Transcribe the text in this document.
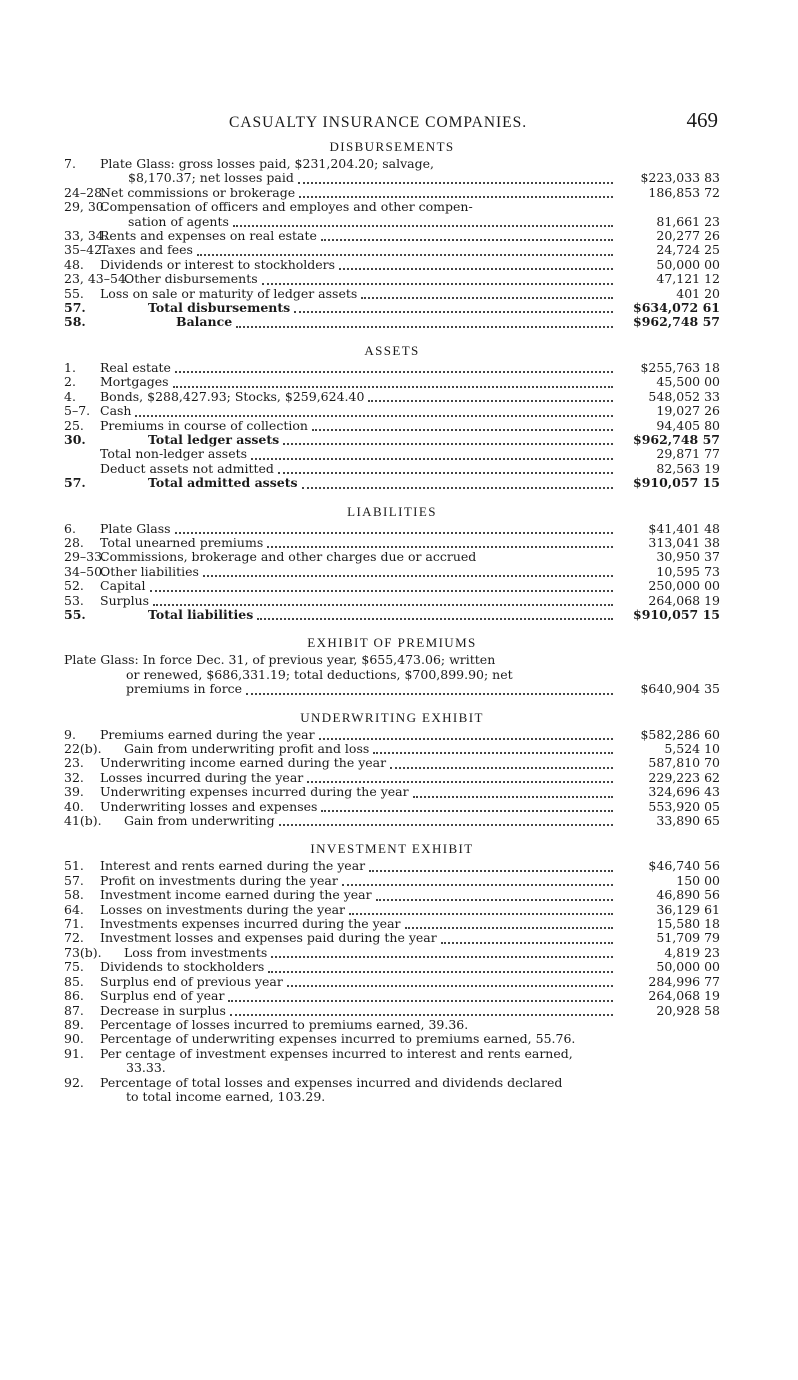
CASUALTY INSURANCE COMPANIES.	469
DISBURSEMENTS
7.	Plate Glass: gross losses paid, $231,204.20; salvage,
$8,170.37; net losses paid	$223,033 83
24–28.
Net commissions or brokerage	186,853 72
29, 30.
Compensation of officers and employes and other compen-
sation of agents	81,661 23
33, 34.
Rents and expenses on real estate	20,277 26
35–42.
Taxes and fees	24,724 25
48.	Dividends or interest to stockholders	50,000 00
23, 43–54.
Other disbursements	47,121 12
55.	Loss on sale or maturity of ledger assets	401 20
57.	Total disbursements	$634,072 61
58.	Balance	$962,748 57
ASSETS
1.	Real estate	$255,763 18
2.	Mortgages	45,500 00
4.	Bonds, $288,427.93; Stocks, $259,624.40	548,052 33
5–7. Cash	19,027 26
25.	Premiums in course of collection	94,405 80
30.	Total ledger assets	$962,748 57
Total non-ledger assets	29,871 77
Deduct assets not admitted	82,563 19
57.	Total admitted assets	$910,057 15
LIABILITIES
6.	Plate Glass	$41,401 48
28.	Total unearned premiums	313,041 38
29–33.
Commissions, brokerage and other charges due or accrued	30,950 37
34–50.
Other liabilities	10,595 73
52.	Capital	250,000 00
53.	Surplus	264,068 19
55.	Total liabilities	$910,057 15
EXHIBIT OF PREMIUMS
Plate Glass: In force Dec. 31, of previous year, $655,473.06; written
or renewed, $686,331.19; total deductions, $700,899.90; net
premiums in force	$640,904 35
UNDERWRITING EXHIBIT
9.	Premiums earned during the year	$582,286 60
22(b).	Gain from underwriting profit and loss	5,524 10
23.	Underwriting income earned during the year	587,810 70
32.	Losses incurred during the year	229,223 62
39.	Underwriting expenses incurred during the year	324,696 43
40.	Underwriting losses and expenses	553,920 05
41(b).	Gain from underwriting	33,890 65
INVESTMENT EXHIBIT
51.	Interest and rents earned during the year	$46,740 56
57.	Profit on investments during the year	150 00
58.	Investment income earned during the year	46,890 56
64.	Losses on investments during the year	36,129 61
71.	Investments expenses incurred during the year	15,580 18
72.	Investment losses and expenses paid during the year	51,709 79
73(b).	Loss from investments	4,819 23
75.	Dividends to stockholders	50,000 00
85.	Surplus end of previous year	284,996 77
86.	Surplus end of year	264,068 19
87.	Decrease in surplus	20,928 58
89.	Percentage of losses incurred to premiums earned, 39.36.
90.	Percentage of underwriting expenses incurred to premiums earned, 55.76.
91.	Per centage of investment expenses incurred to interest and rents earned,
33.33.
92.	Percentage of total losses and expenses incurred and dividends declared
to total income earned, 103.29.
